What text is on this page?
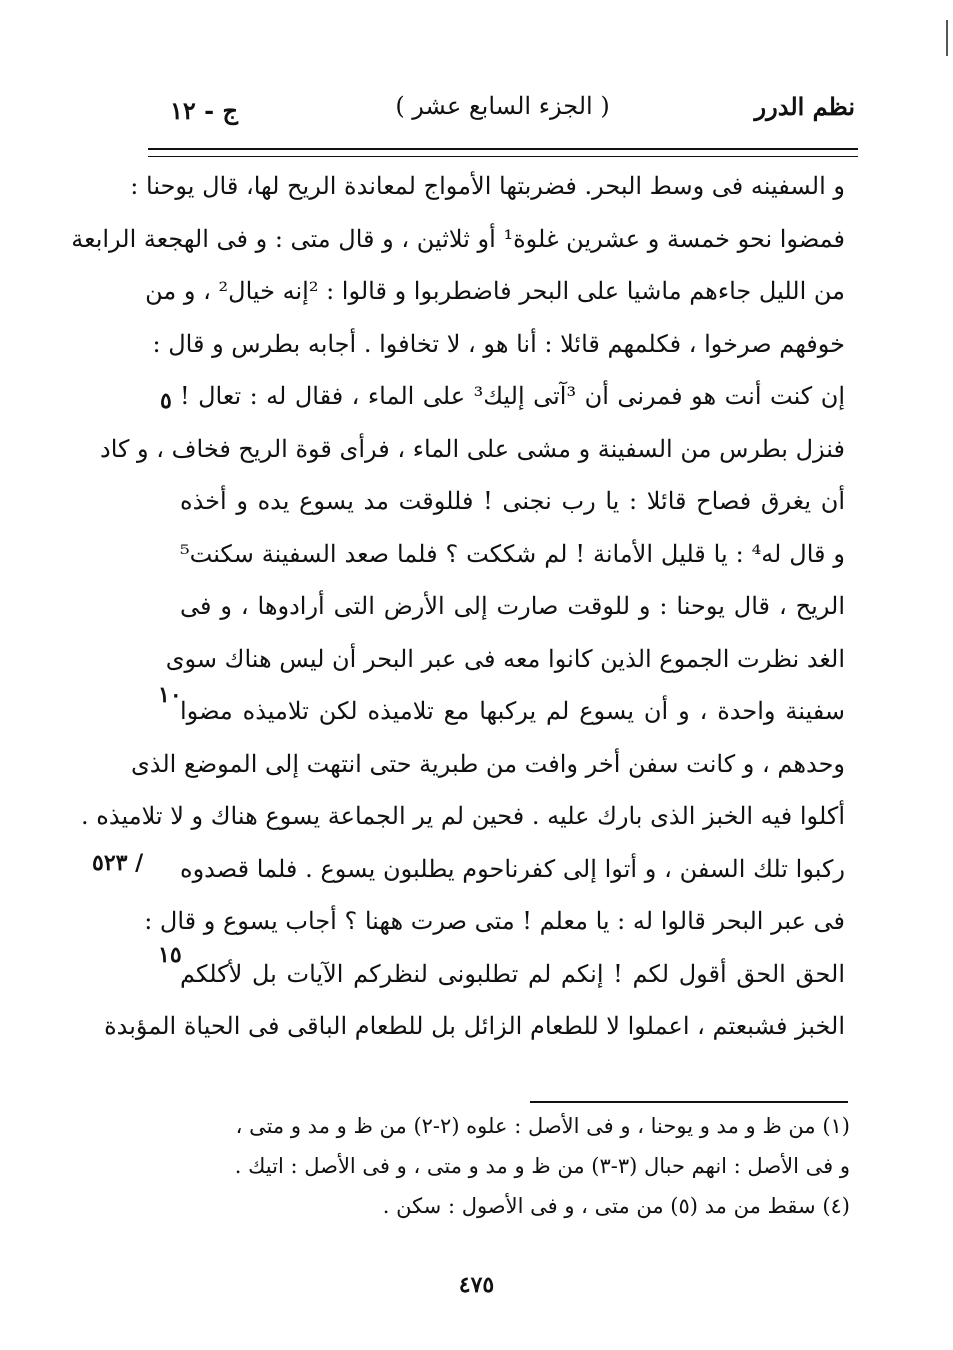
نظم الدرر
( الجزء السابع عشر )
ج - ١٢
و السفينه فى وسط البحر. فضربتها الأمواج لمعاندة الريح لها، قال يوحنا :
فمضوا نحو خمسة و عشرين غلوة¹ أو ثلاثين ، و قال متى : و فى الهجعة الرابعة
من الليل جاءهم ماشيا على البحر فاضطربوا و قالوا : ²إنه خيال² ، و من
خوفهم صرخوا ، فكلمهم قائلا : أنا هو ، لا تخافوا . أجابه بطرس و قال :
إن كنت أنت هو فمرنى أن ³آتى إليك³ على الماء ، فقال له : تعال !
فنزل بطرس من السفينة و مشى على الماء ، فرأى قوة الريح فخاف ، و كاد
أن يغرق فصاح قائلا : يا رب نجنى ! فللوقت مد يسوع يده و أخذه
و قال له⁴ : يا قليل الأمانة ! لم شككت ؟ فلما صعد السفينة سكنت⁵
الريح ، قال يوحنا : و للوقت صارت إلى الأرض التى أرادوها ، و فى
الغد نظرت الجموع الذين كانوا معه فى عبر البحر أن ليس هناك سوى
سفينة واحدة ، و أن يسوع لم يركبها مع تلاميذه لكن تلاميذه مضوا
وحدهم ، و كانت سفن أخر وافت من طبرية حتى انتهت إلى الموضع الذى
أكلوا فيه الخبز الذى بارك عليه . فحين لم ير الجماعة يسوع هناك و لا تلاميذه .
ركبوا تلك السفن ، و أتوا إلى كفرناحوم يطلبون يسوع . فلما قصدوه
فى عبر البحر قالوا له : يا معلم ! متى صرت ههنا ؟ أجاب يسوع و قال :
الحق الحق أقول لكم ! إنكم لم تطلبونى لنظركم الآيات بل لأكلكم
الخبز فشبعتم ، اعملوا لا للطعام الزائل بل للطعام الباقى فى الحياة المؤبدة
٥
١٠
١٥
/ ٥٢٣
(١) من ظ و مد و يوحنا ، و فى الأصل : علوه (٢-٢) من ظ و مد و متى ،
و فى الأصل : انهم حبال (٣-٣) من ظ و مد و متى ، و فى الأصل : اتيك .
(٤) سقط من مد (٥) من متى ، و فى الأصول : سكن .
٤٧٥
